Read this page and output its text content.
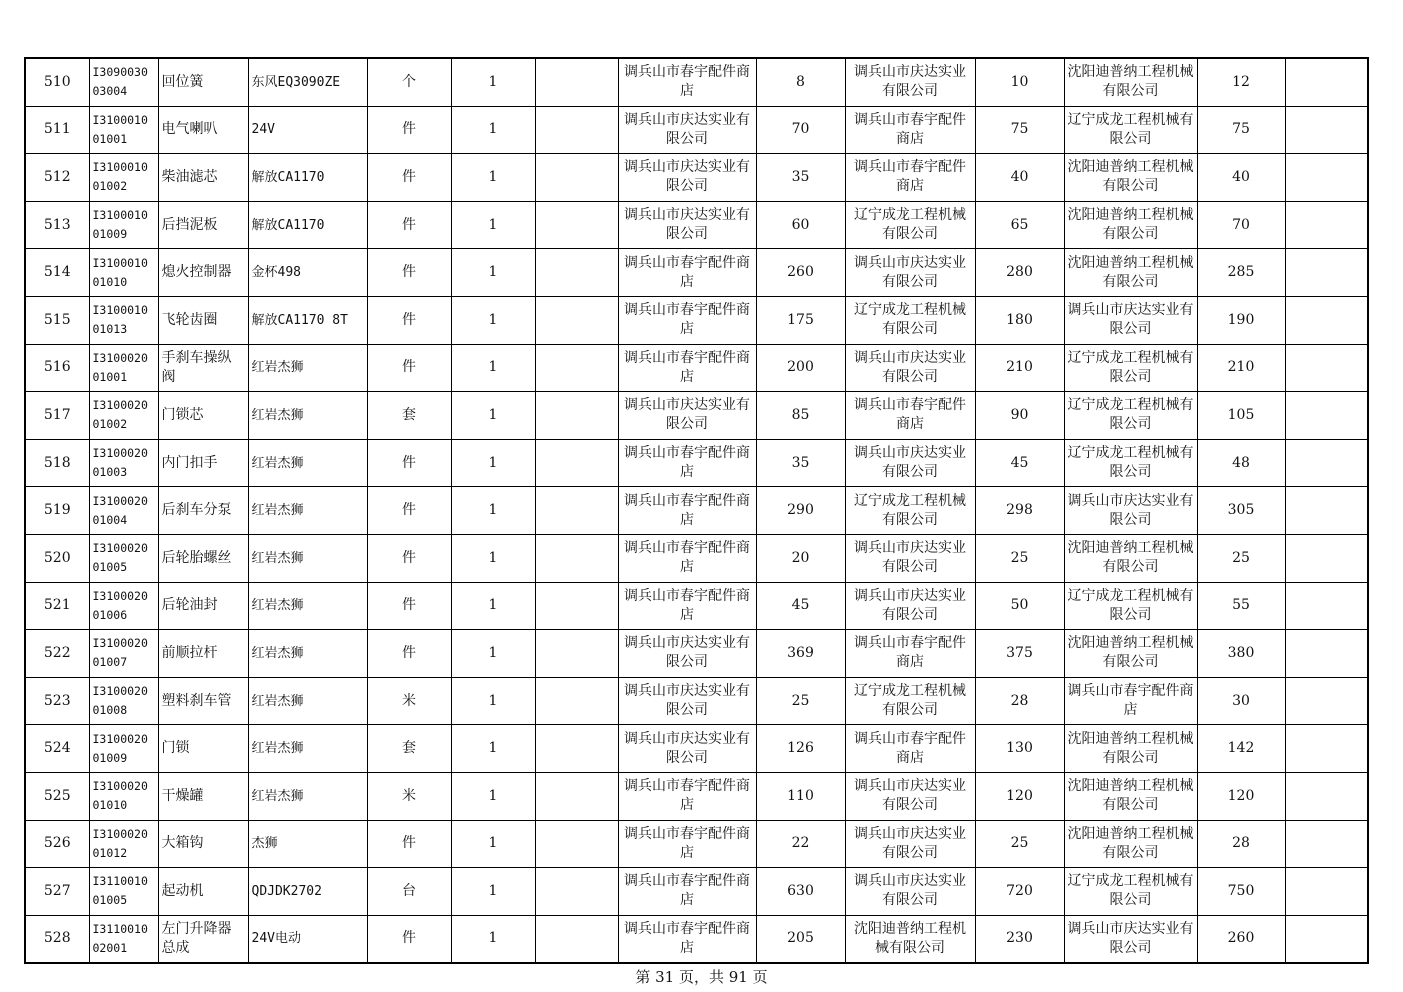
510	I309003003004	回位簧	东风EQ3090ZE	个	1		调兵山市春宇配件商店	8	调兵山市庆达实业有限公司	10	沈阳迪普纳工程机械有限公司	12	
511	I310001001001	电气喇叭	24V	件	1		调兵山市庆达实业有限公司	70	调兵山市春宇配件商店	75	辽宁成龙工程机械有限公司	75	
512	I310001001002	柴油滤芯	解放CA1170	件	1		调兵山市庆达实业有限公司	35	调兵山市春宇配件商店	40	沈阳迪普纳工程机械有限公司	40	
513	I310001001009	后挡泥板	解放CA1170	件	1		调兵山市庆达实业有限公司	60	辽宁成龙工程机械有限公司	65	沈阳迪普纳工程机械有限公司	70	
514	I310001001010	熄火控制器	金杯498	件	1		调兵山市春宇配件商店	260	调兵山市庆达实业有限公司	280	沈阳迪普纳工程机械有限公司	285	
515	I310001001013	飞轮齿圈	解放CA1170 8T	件	1		调兵山市春宇配件商店	175	辽宁成龙工程机械有限公司	180	调兵山市庆达实业有限公司	190	
516	I310002001001	手刹车操纵阀	红岩杰狮	件	1		调兵山市春宇配件商店	200	调兵山市庆达实业有限公司	210	辽宁成龙工程机械有限公司	210	
517	I310002001002	门锁芯	红岩杰狮	套	1		调兵山市庆达实业有限公司	85	调兵山市春宇配件商店	90	辽宁成龙工程机械有限公司	105	
518	I310002001003	内门扣手	红岩杰狮	件	1		调兵山市春宇配件商店	35	调兵山市庆达实业有限公司	45	辽宁成龙工程机械有限公司	48	
519	I310002001004	后刹车分泵	红岩杰狮	件	1		调兵山市春宇配件商店	290	辽宁成龙工程机械有限公司	298	调兵山市庆达实业有限公司	305	
520	I310002001005	后轮胎螺丝	红岩杰狮	件	1		调兵山市春宇配件商店	20	调兵山市庆达实业有限公司	25	沈阳迪普纳工程机械有限公司	25	
521	I310002001006	后轮油封	红岩杰狮	件	1		调兵山市春宇配件商店	45	调兵山市庆达实业有限公司	50	辽宁成龙工程机械有限公司	55	
522	I310002001007	前顺拉杆	红岩杰狮	件	1		调兵山市庆达实业有限公司	369	调兵山市春宇配件商店	375	沈阳迪普纳工程机械有限公司	380	
523	I310002001008	塑料刹车管	红岩杰狮	米	1		调兵山市庆达实业有限公司	25	辽宁成龙工程机械有限公司	28	调兵山市春宇配件商店	30	
524	I310002001009	门锁	红岩杰狮	套	1		调兵山市庆达实业有限公司	126	调兵山市春宇配件商店	130	沈阳迪普纳工程机械有限公司	142	
525	I310002001010	干燥罐	红岩杰狮	米	1		调兵山市春宇配件商店	110	调兵山市庆达实业有限公司	120	沈阳迪普纳工程机械有限公司	120	
526	I310002001012	大箱钩	杰狮	件	1		调兵山市春宇配件商店	22	调兵山市庆达实业有限公司	25	沈阳迪普纳工程机械有限公司	28	
527	I311001001005	起动机	QDJDK2702	台	1		调兵山市春宇配件商店	630	调兵山市庆达实业有限公司	720	辽宁成龙工程机械有限公司	750	
528	I311001002001	左门升降器总成	24V电动	件	1		调兵山市春宇配件商店	205	沈阳迪普纳工程机械有限公司	230	调兵山市庆达实业有限公司	260	
第 31 页，共 91 页
